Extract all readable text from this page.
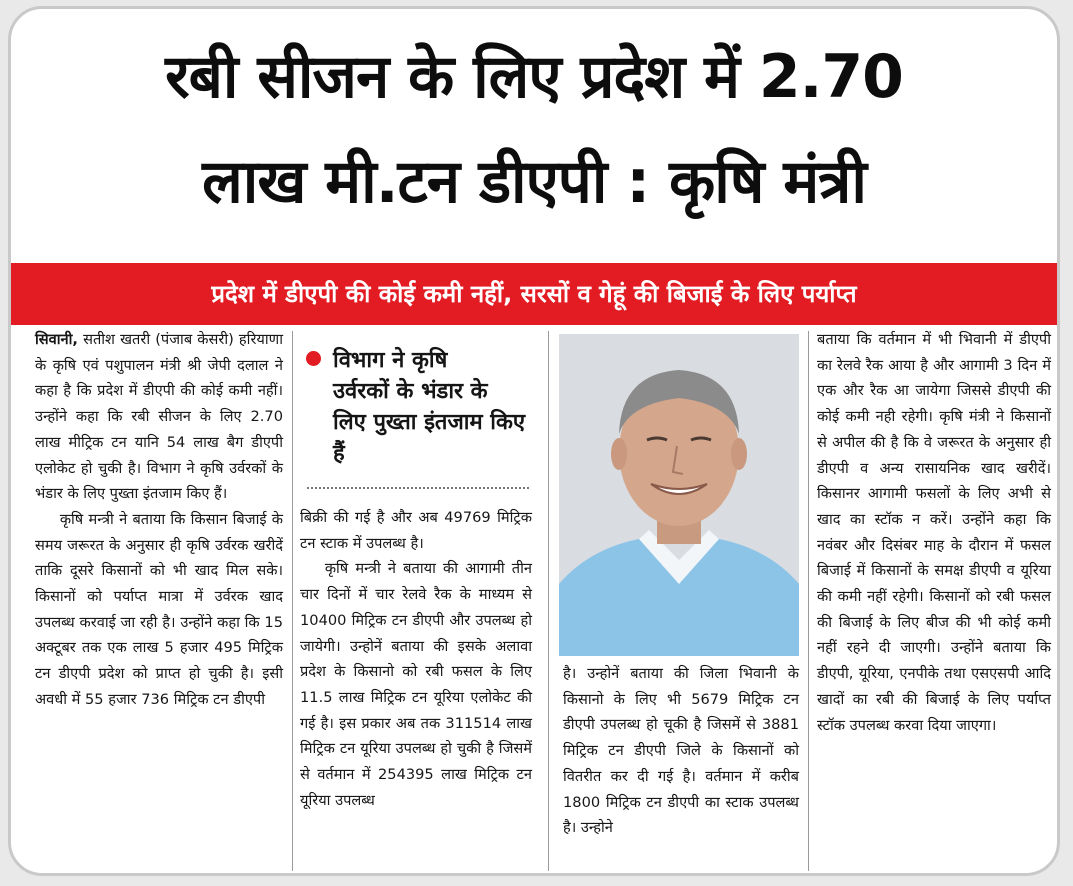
रबी सीजन के लिए प्रदेश में 2.70
लाख मी.टन डीएपी : कृषि मंत्री
प्रदेश में डीएपी की कोई कमी नहीं, सरसों व गेहूं की बिजाई के लिए पर्याप्त

सिवानी, सतीश खतरी (पंजाब केसरी) हरियाणा के कृषि एवं पशुपालन मंत्री श्री जेपी दलाल ने कहा है कि प्रदेश में डीएपी की कोई कमी नहीं। उन्होंने कहा कि रबी सीजन के लिए 2.70 लाख मीट्रिक टन यानि 54 लाख बैग डीएपी एलोकेट हो चुकी है। विभाग ने कृषि उर्वरकों के भंडार के लिए पुख्ता इंतजाम किए हैं।

कृषि मन्त्री ने बताया कि किसान बिजाई के समय जरूरत के अनुसार ही कृषि उर्वरक खरीदें ताकि दूसरे किसानों को भी खाद मिल सके। किसानों को पर्याप्त मात्रा में उर्वरक खाद उपलब्ध करवाई जा रही है। उन्होंने कहा कि 15 अक्टूबर तक एक लाख 5 हजार 495 मिट्रिक टन डीएपी प्रदेश को प्राप्त हो चुकी है। इसी अवधी में 55 हजार 736 मिट्रिक टन डीएपी

विभाग ने कृषि
उर्वरकों के भंडार के लिए पुख्ता इंतजाम किए हैं

बिक्री की गई है और अब 49769 मिट्रिक टन स्टाक में उपलब्ध है।

कृषि मन्त्री ने बताया की आगामी तीन चार दिनों में चार रेलवे रैक के माध्यम से 10400 मिट्रिक टन डीएपी और उपलब्ध हो जायेगी। उन्होनें बताया की इसके अलावा प्रदेश के किसानो को रबी फसल के लिए 11.5 लाख मिट्रिक टन यूरिया एलोकेट की गई है। इस प्रकार अब तक 311514 लाख मिट्रिक टन यूरिया उपलब्ध हो चुकी है जिसमें से वर्तमान में 254395 लाख मिट्रिक टन यूरिया उपलब्ध

है। उन्होनें बताया की जिला भिवानी के किसानो के लिए भी 5679 मिट्रिक टन डीएपी उपलब्ध हो चूकी है जिसमें से 3881 मिट्रिक टन डीएपी जिले के किसानों को वितरीत कर दी गई है। वर्तमान में करीब 1800 मिट्रिक टन डीएपी का स्टाक उपलब्ध है। उन्होने

बताया कि वर्तमान में भी भिवानी में डीएपी का रेलवे रैक आया है और आगामी 3 दिन में एक और रैक आ जायेगा जिससे डीएपी की कोई कमी नही रहेगी। कृषि मंत्री ने किसानों से अपील की है कि वे जरूरत के अनुसार ही डीएपी व अन्य रासायनिक खाद खरीदें। किसानर आगामी फसलों के लिए अभी से खाद का स्टॉक न करें। उन्होंने कहा कि नवंबर और दिसंबर माह के दौरान में फसल बिजाई में किसानों के समक्ष डीएपी व यूरिया की कमी नहीं रहेगी। किसानों को रबी फसल की बिजाई के लिए बीज की भी कोई कमी नहीं रहने दी जाएगी। उन्होंने बताया कि डीएपी, यूरिया, एनपीके तथा एसएसपी आदि खादों का रबी की बिजाई के लिए पर्याप्त स्टॉक उपलब्ध करवा दिया जाएगा।
